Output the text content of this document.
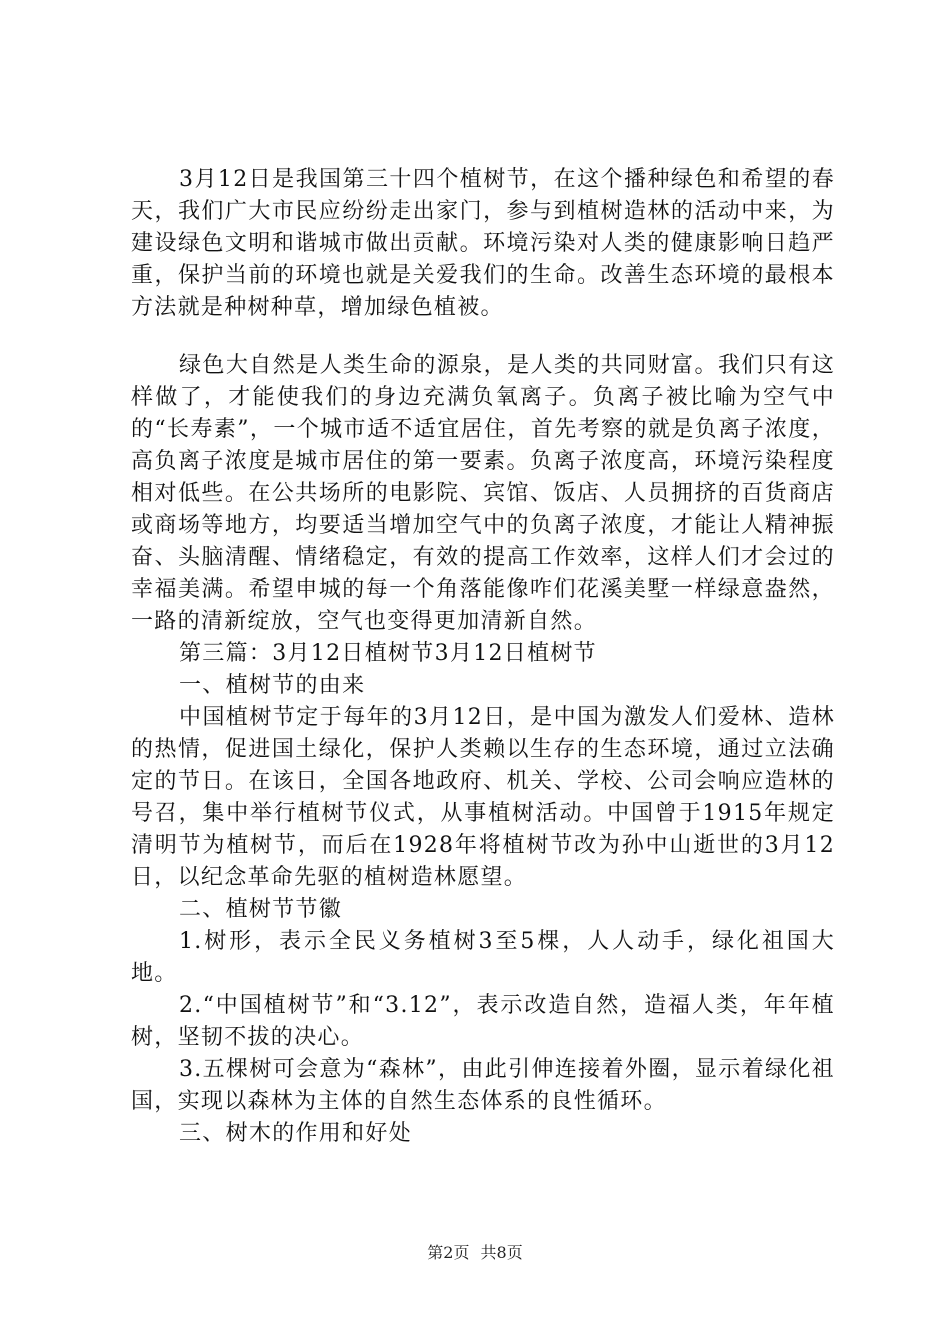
3月12日是我国第三十四个植树节，在这个播种绿色和希望的春天，我们广大市民应纷纷走出家门，参与到植树造林的活动中来，为建设绿色文明和谐城市做出贡献。环境污染对人类的健康影响日趋严重，保护当前的环境也就是关爱我们的生命。改善生态环境的最根本方法就是种树种草，增加绿色植被。

绿色大自然是人类生命的源泉，是人类的共同财富。我们只有这样做了，才能使我们的身边充满负氧离子。负离子被比喻为空气中的“长寿素”，一个城市适不适宜居住，首先考察的就是负离子浓度，高负离子浓度是城市居住的第一要素。负离子浓度高，环境污染程度相对低些。在公共场所的电影院、宾馆、饭店、人员拥挤的百货商店或商场等地方，均要适当增加空气中的负离子浓度，才能让人精神振奋、头脑清醒、情绪稳定，有效的提高工作效率，这样人们才会过的幸福美满。希望申城的每一个角落能像咋们花溪美墅一样绿意盎然，一路的清新绽放，空气也变得更加清新自然。

第三篇：3月12日植树节3月12日植树节

一、植树节的由来

中国植树节定于每年的3月12日，是中国为激发人们爱林、造林的热情，促进国土绿化，保护人类赖以生存的生态环境，通过立法确定的节日。在该日，全国各地政府、机关、学校、公司会响应造林的号召，集中举行植树节仪式，从事植树活动。中国曾于1915年规定清明节为植树节，而后在1928年将植树节改为孙中山逝世的3月12日，以纪念革命先驱的植树造林愿望。

二、植树节节徽

1.树形，表示全民义务植树3至5棵，人人动手，绿化祖国大地。

2.“中国植树节”和“3.12”，表示改造自然，造福人类，年年植树，坚韧不拔的决心。

3.五棵树可会意为“森林”，由此引伸连接着外圈，显示着绿化祖国，实现以森林为主体的自然生态体系的良性循环。

三、树木的作用和好处

第2页 共8页
